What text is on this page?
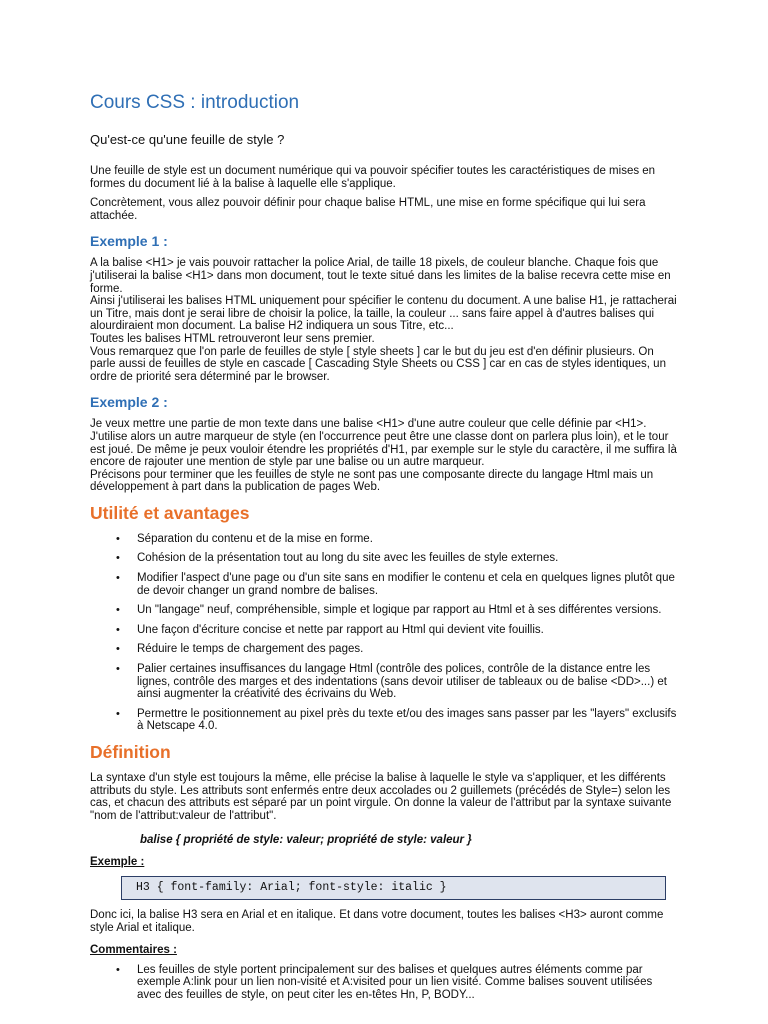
Cours CSS : introduction
Qu'est-ce qu'une feuille de style ?

Une feuille de style est un document numérique qui va pouvoir spécifier toutes les caractéristiques de mises en formes du document lié à la balise à laquelle elle s'applique.

Concrètement, vous allez pouvoir définir pour chaque balise HTML, une mise en forme spécifique qui lui sera attachée.

Exemple 1 :

A la balise <H1> je vais pouvoir rattacher la police Arial, de taille 18 pixels, de couleur blanche. Chaque fois que j'utiliserai la balise <H1> dans mon document, tout le texte situé dans les limites de la balise recevra cette mise en forme.

Ainsi j'utiliserai les balises HTML uniquement pour spécifier le contenu du document. A une balise H1, je rattacherai un Titre, mais dont je serai libre de choisir la police, la taille, la couleur ... sans faire appel à d'autres balises qui alourdiraient mon document. La balise H2 indiquera un sous Titre, etc...

Toutes les balises HTML retrouveront leur sens premier.

Vous remarquez que l'on parle de feuilles de style [ style sheets ] car le but du jeu est d'en définir plusieurs. On parle aussi de feuilles de style en cascade [ Cascading Style Sheets ou CSS ] car en cas de styles identiques, un ordre de priorité sera déterminé par le browser.

Exemple 2 :

Je veux mettre une partie de mon texte dans une balise <H1> d'une autre couleur que celle définie par <H1>. J'utilise alors un autre marqueur de style (en l'occurrence peut être une classe dont on parlera plus loin), et le tour est joué. De même je peux vouloir étendre les propriétés d'H1, par exemple sur le style du caractère, il me suffira là encore de rajouter une mention de style par une balise ou un autre marqueur.

Précisons pour terminer que les feuilles de style ne sont pas une composante directe du langage Html mais un développement à part dans la publication de pages Web.

Utilité et avantages
• Séparation du contenu et de la mise en forme.
• Cohésion de la présentation tout au long du site avec les feuilles de style externes.
• Modifier l'aspect d'une page ou d'un site sans en modifier le contenu et cela en quelques lignes plutôt que de devoir changer un grand nombre de balises.
• Un "langage" neuf, compréhensible, simple et logique par rapport au Html et à ses différentes versions.
• Une façon d'écriture concise et nette par rapport au Html qui devient vite fouillis.
• Réduire le temps de chargement des pages.
• Palier certaines insuffisances du langage Html (contrôle des polices, contrôle de la distance entre les lignes, contrôle des marges et des indentations (sans devoir utiliser de tableaux ou de balise <DD>...) et ainsi augmenter la créativité des écrivains du Web.
• Permettre le positionnement au pixel près du texte et/ou des images sans passer par les "layers" exclusifs à Netscape 4.0.
Définition

La syntaxe d'un style est toujours la même, elle précise la balise à laquelle le style va s'appliquer, et les différents attributs du style. Les attributs sont enfermés entre deux accolades ou 2 guillemets (précédés de Style=) selon les cas, et chacun des attributs est séparé par un point virgule. On donne la valeur de l'attribut par la syntaxe suivante "nom de l'attribut:valeur de l'attribut".

balise { propriété de style: valeur; propriété de style: valeur }
Exemple :
H3 { font-family: Arial; font-style: italic }

Donc ici, la balise H3 sera en Arial et en italique. Et dans votre document, toutes les balises <H3> auront comme style Arial et italique.

Commentaires :
• Les feuilles de style portent principalement sur des balises et quelques autres éléments comme par exemple A:link pour un lien non-visité et A:visited pour un lien visité. Comme balises souvent utilisées avec des feuilles de style, on peut citer les en-têtes Hn, P, BODY...
